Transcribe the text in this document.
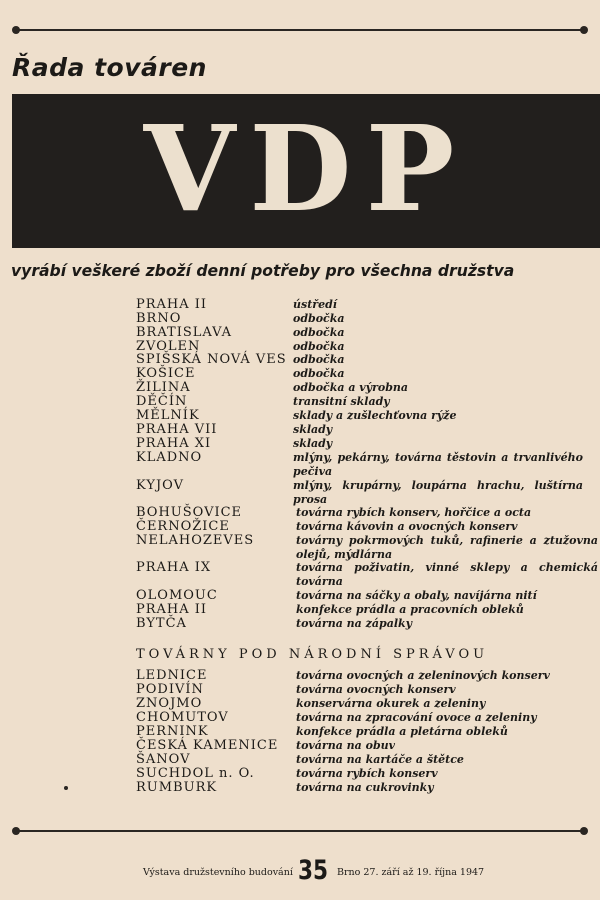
Řada továren
VDP
vyrábí veškeré zboží denní potřeby pro všechna družstva
PRAHA II	ústředí
BRNO	odbočka
BRATISLAVA	odbočka
ZVOLEN	odbočka
SPIŠSKÁ NOVÁ VES odbočka
KOŠICE	odbočka
ŽILINA	odbočka a výrobna
DĚČÍN	transitní sklady
MĚLNÍK	sklady a zušlechťovna rýže
PRAHA VII	sklady
PRAHA XI	sklady
KLADNO	mlýny, pekárny, továrna těstovin a trvanlivého pečiva
KYJOV	mlýny, krupárny, loupárna hrachu, luštírna prosa
BOHUŠOVICE	továrna rybích konserv, hořčice a octa
ČERNOŽICE	továrna kávovin a ovocných konserv
NELAHOZEVES	továrny pokrmových tuků, rafinerie a ztužovna olejů, mýdlárna
PRAHA IX	továrna poživatin, vinné sklepy a chemická továrna
OLOMOUC	továrna na sáčky a obaly, navíjárna nití
PRAHA II	konfekce prádla a pracovních obleků
BYTČA	továrna na zápalky
TOVÁRNY POD NÁRODNÍ SPRÁVOU
LEDNICE	továrna ovocných a zeleninových konserv
PODIVÍN	továrna ovocných konserv
ZNOJMO	konservárna okurek a zeleniny
CHOMUTOV	továrna na zpracování ovoce a zeleniny
PERNINK	konfekce prádla a pletárna obleků
ČESKÁ KAMENICE továrna na obuv
ŠANOV	továrna na kartáče a štětce
SUCHDOL n. O.	továrna rybích konserv
RUMBURK	továrna na cukrovinky
Výstava družstevního budování 35 Brno 27. září až 19. října 1947
